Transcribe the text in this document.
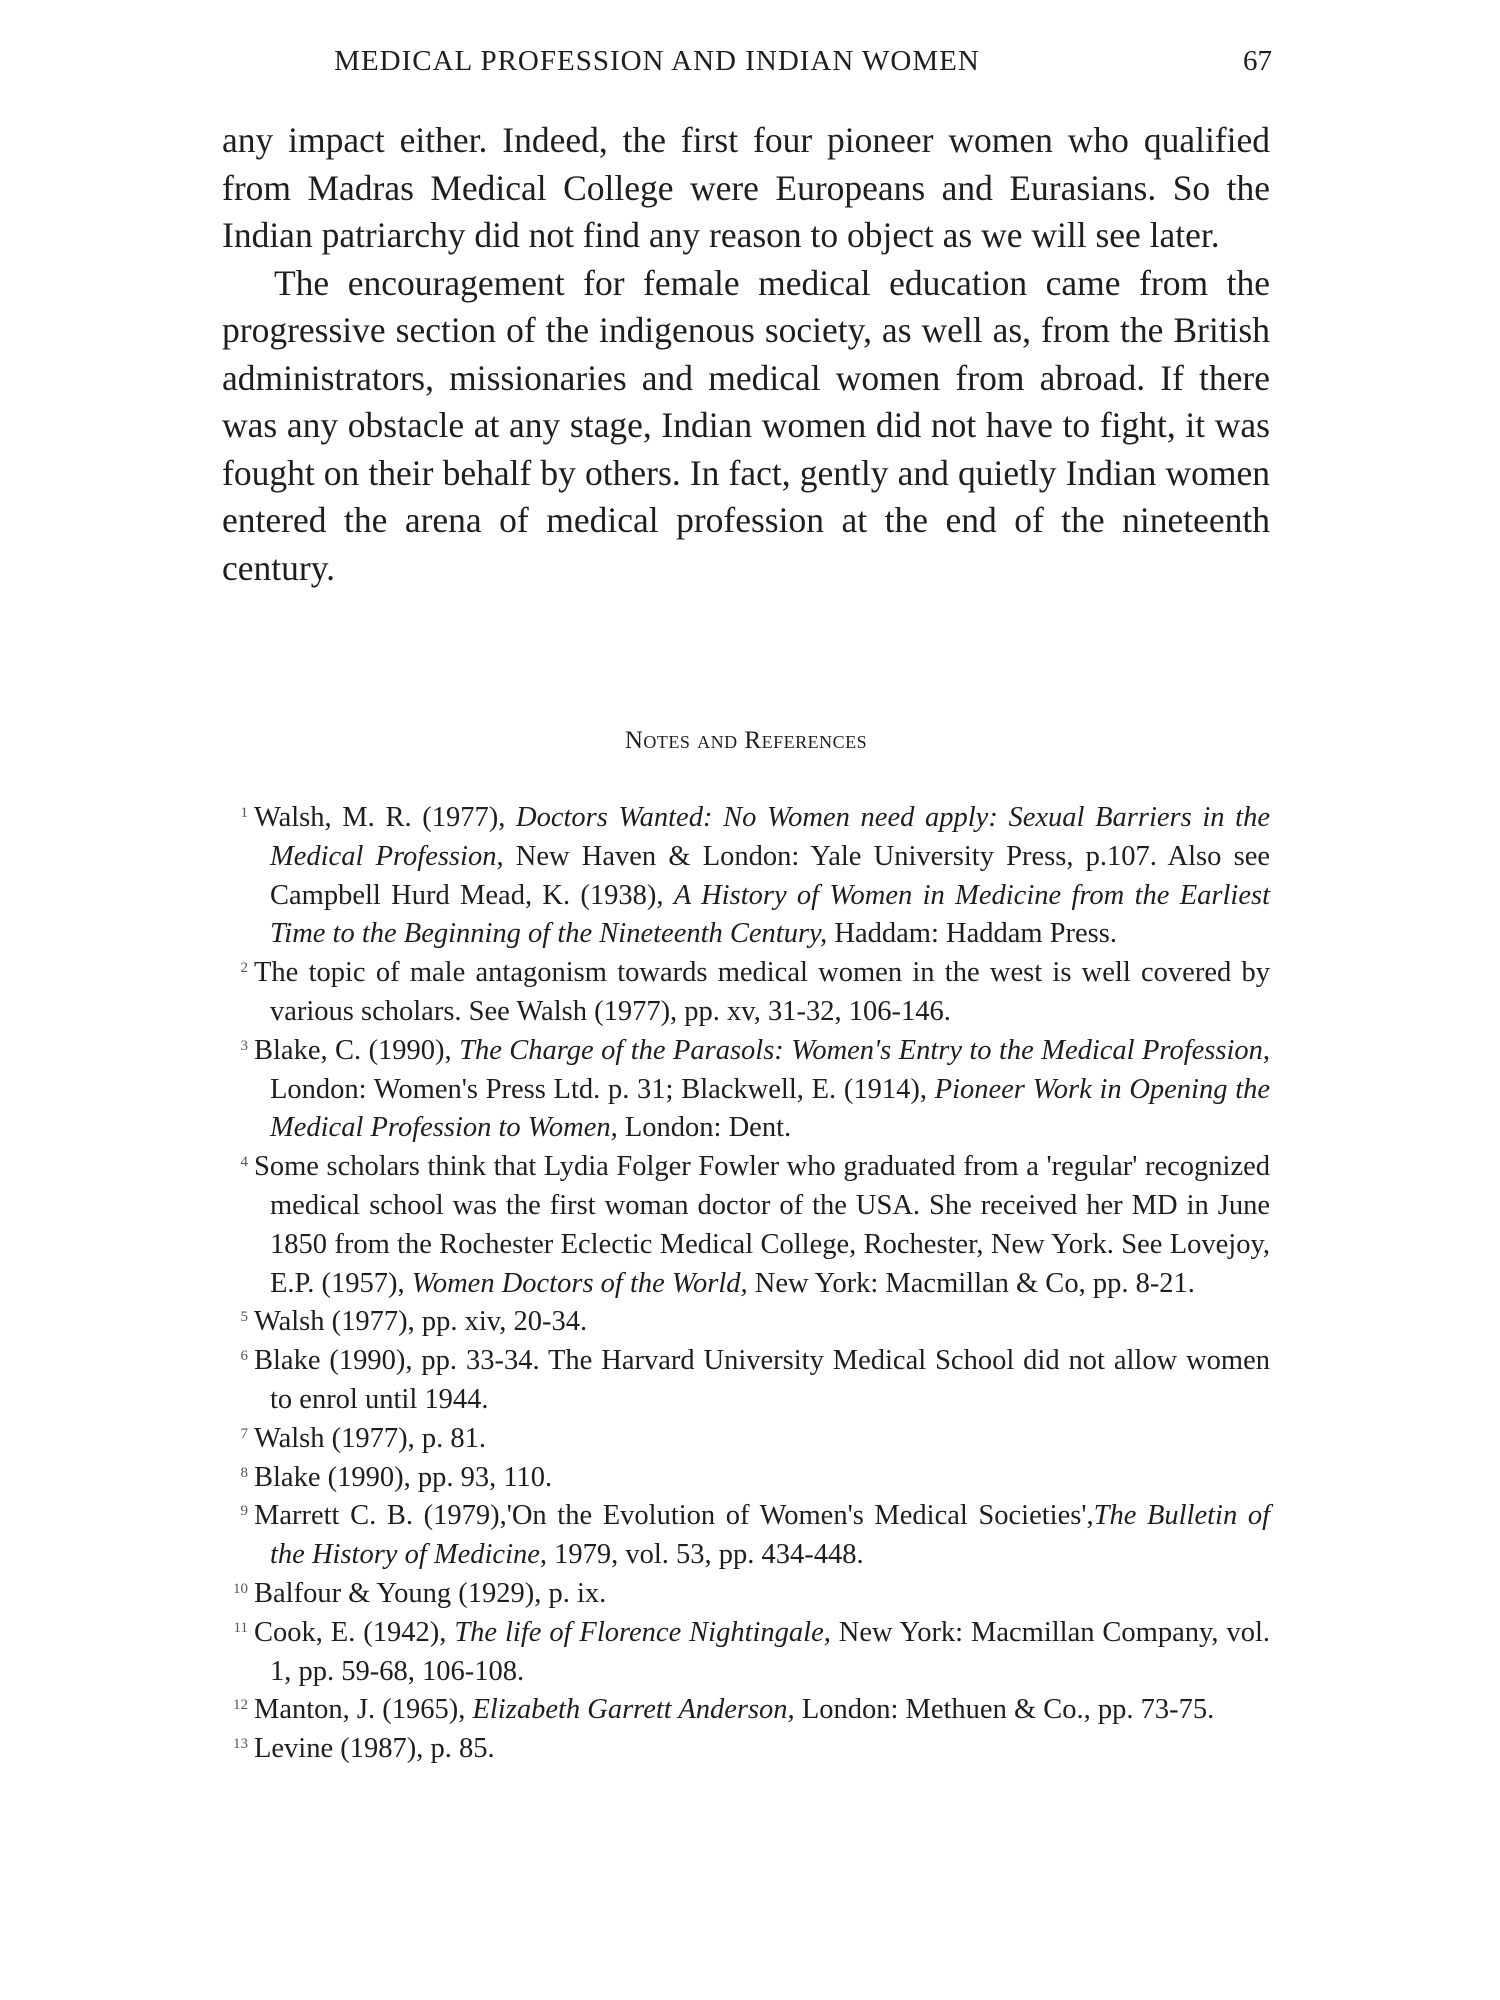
MEDICAL PROFESSION AND INDIAN WOMEN	67

any impact either. Indeed, the first four pioneer women who qualified from Madras Medical College were Europeans and Eurasians. So the Indian patriarchy did not find any reason to object as we will see later.

The encouragement for female medical education came from the progressive section of the indigenous society, as well as, from the British administrators, missionaries and medical women from abroad. If there was any obstacle at any stage, Indian women did not have to fight, it was fought on their behalf by others. In fact, gently and quietly Indian women entered the arena of medical profession at the end of the nineteenth century.

Notes and References
1 Walsh, M. R. (1977), Doctors Wanted: No Women need apply: Sexual Barriers in the Medical Profession, New Haven & London: Yale University Press, p.107. Also see Campbell Hurd Mead, K. (1938), A History of Women in Medicine from the Earliest Time to the Beginning of the Nineteenth Century, Haddam: Haddam Press.
2 The topic of male antagonism towards medical women in the west is well covered by various scholars. See Walsh (1977), pp. xv, 31-32, 106-146.
3 Blake, C. (1990), The Charge of the Parasols: Women's Entry to the Medical Profession, London: Women's Press Ltd. p. 31; Blackwell, E. (1914), Pioneer Work in Opening the Medical Profession to Women, London: Dent.
4 Some scholars think that Lydia Folger Fowler who graduated from a 'regular' recognized medical school was the first woman doctor of the USA. She received her MD in June 1850 from the Rochester Eclectic Medical College, Rochester, New York. See Lovejoy, E.P. (1957), Women Doctors of the World, New York: Macmillan & Co, pp. 8-21.
5 Walsh (1977), pp. xiv, 20-34.
6 Blake (1990), pp. 33-34. The Harvard University Medical School did not allow women to enrol until 1944.
7 Walsh (1977), p. 81.
8 Blake (1990), pp. 93, 110.
9 Marrett C. B. (1979),'On the Evolution of Women's Medical Societies',The Bulletin of the History of Medicine, 1979, vol. 53, pp. 434-448.
10 Balfour & Young (1929), p. ix.
11 Cook, E. (1942), The life of Florence Nightingale, New York: Macmillan Company, vol. 1, pp. 59-68, 106-108.
12 Manton, J. (1965), Elizabeth Garrett Anderson, London: Methuen & Co., pp. 73-75.
13 Levine (1987), p. 85.
